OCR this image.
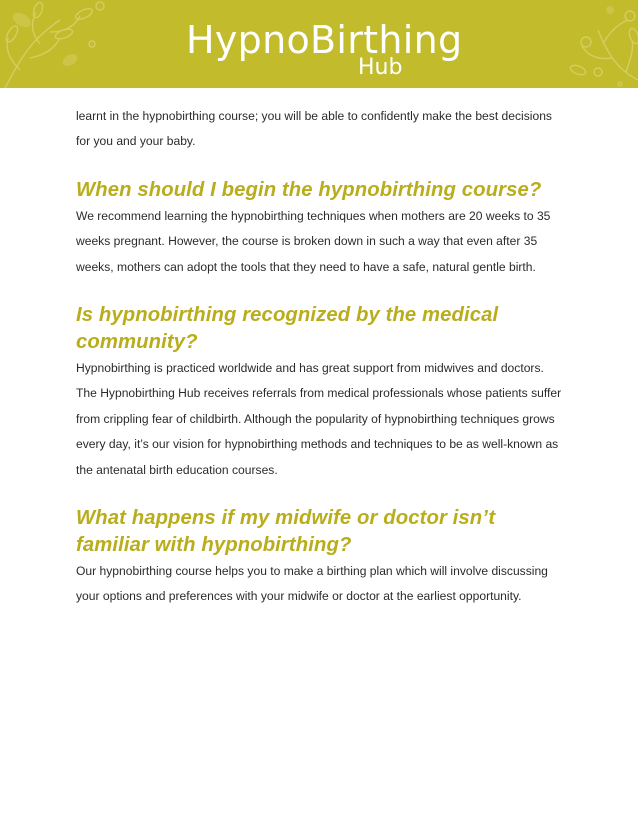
HypnoBirthing
Hub

learnt in the hypnobirthing course; you will be able to confidently make the best decisions for you and your baby.

When should I begin the hypnobirthing course?

We recommend learning the hypnobirthing techniques when mothers are 20 weeks to 35 weeks pregnant. However, the course is broken down in such a way that even after 35 weeks, mothers can adopt the tools that they need to have a safe, natural gentle birth.

Is hypnobirthing recognized by the medical community?

Hypnobirthing is practiced worldwide and has great support from midwives and doctors. The Hypnobirthing Hub receives referrals from medical professionals whose patients suffer from crippling fear of childbirth. Although the popularity of hypnobirthing techniques grows every day, it’s our vision for hypnobirthing methods and techniques to be as well-known as the antenatal birth education courses.

What happens if my midwife or doctor isn’t familiar with hypnobirthing?

Our hypnobirthing course helps you to make a birthing plan which will involve discussing your options and preferences with your midwife or doctor at the earliest opportunity.
